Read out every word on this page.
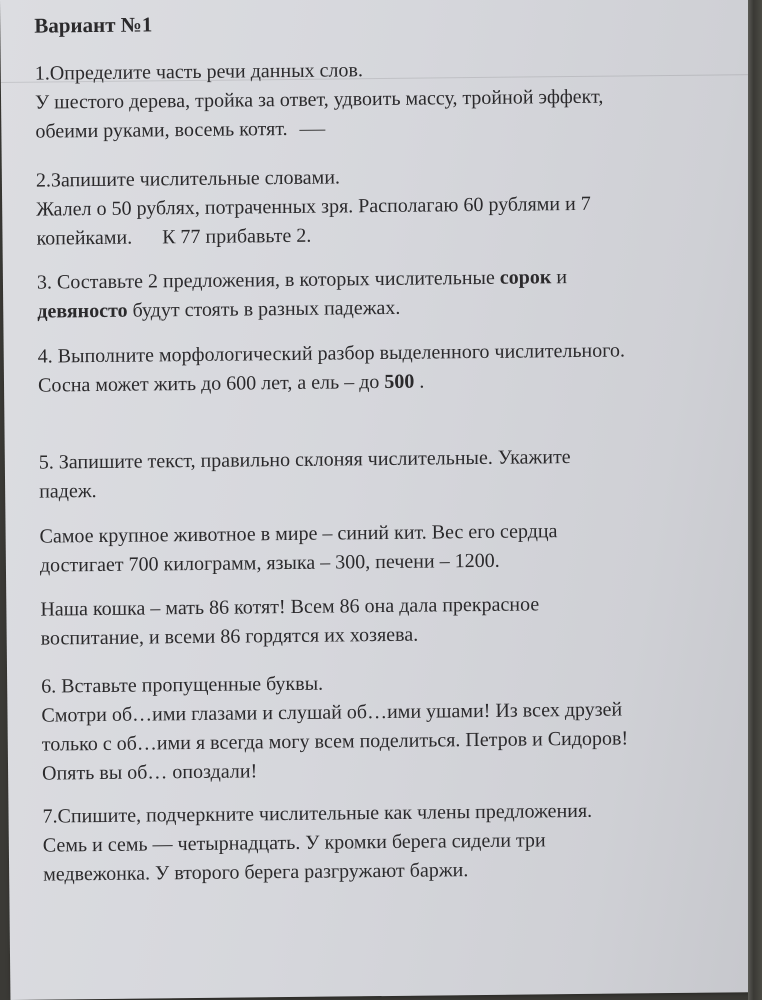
Вариант №1
1.Определите часть речи данных слов.
У шестого дерева, тройка за ответ, удвоить массу, тройной эффект,
обеими руками, восемь котят.
2.Запишите числительные словами.
Жалел о 50 рублях, потраченных зря. Располагаю 60 рублями и 7
копейками. К 77 прибавьте 2.
3. Составьте 2 предложения, в которых числительные сорок и
девяносто будут стоять в разных падежах.
4. Выполните морфологический разбор выделенного числительного.
Сосна может жить до 600 лет, а ель – до 500 .
5. Запишите текст, правильно склоняя числительные. Укажите
падеж.
Самое крупное животное в мире – синий кит. Вес его сердца
достигает 700 килограмм, языка – 300, печени – 1200.
Наша кошка – мать 86 котят! Всем 86 она дала прекрасное
воспитание, и всеми 86 гордятся их хозяева.
6. Вставьте пропущенные буквы.
Смотри об…ими глазами и слушай об…ими ушами! Из всех друзей
только с об…ими я всегда могу всем поделиться. Петров и Сидоров!
Опять вы об… опоздали!
7.Спишите, подчеркните числительные как члены предложения.
Семь и семь — четырнадцать. У кромки берега сидели три
медвежонка. У второго берега разгружают баржи.
